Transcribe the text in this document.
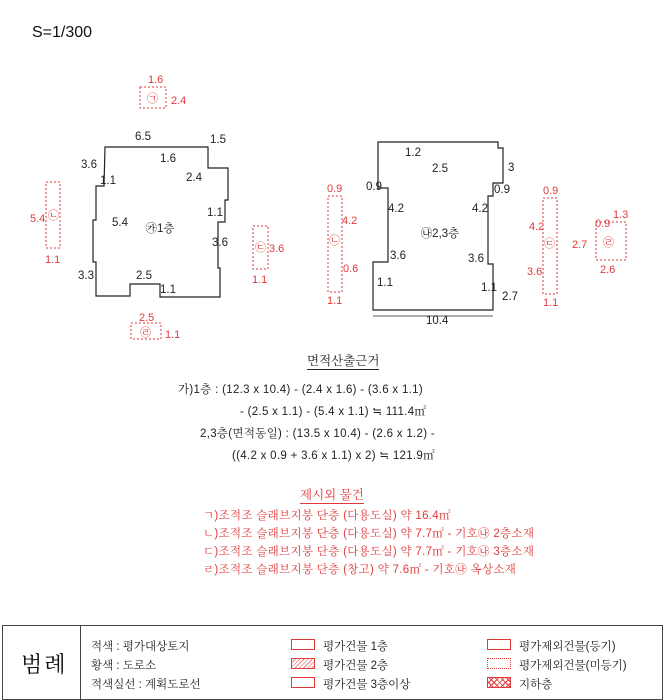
S=1/300
㉮1층
6.5	1.5
1.6
3.6
2.4
1.1
1.1
5.4
3.6
3.3	2.5
1.1
㉯2,3층
1.2
2.5	3
0.9	0.9
4.2	4.2
3.6	3.6
1.1	1.1
2.7
10.4
1.6
2.4
㉠
5.4
1.1
㉡
3.6
1.1
㉢
2.5
1.1
㉣
0.9
4.2
0.6
1.1
㉡
0.9
4.2
3.6
1.1
㉢
0.9
1.3
2.7
2.6
㉣
면적산출근거
가)1층 : (12.3 x 10.4) - (2.4 x 1.6) - (3.6 x 1.1)
- (2.5 x 1.1) - (5.4 x 1.1) ≒ 111.4㎡
2,3층(면적동일) : (13.5 x 10.4) - (2.6 x 1.2) -
((4.2 x 0.9 + 3.6 x 1.1) x 2) ≒ 121.9㎡
제시외 물건
ㄱ)조적조 슬래브지붕 단층 (다용도실) 약 16.4㎡
ㄴ)조적조 슬래브지붕 단층 (다용도실) 약 7.7㎡ - 기호㉯ 2층소재
ㄷ)조적조 슬래브지붕 단층 (다용도실) 약 7.7㎡ - 기호㉯ 3층소재
ㄹ)조적조 슬래브지붕 단층 (창고) 약 7.6㎡ - 기호㉯ 옥상소재
범례
적색 : 평가대상토지
황색 : 도로소
적색실선 : 계획도로선
평가건물 1층
평가건물 2층
평가건물 3층이상
평가제외건물(등기)
평가제외건물(미등기)
지하층
